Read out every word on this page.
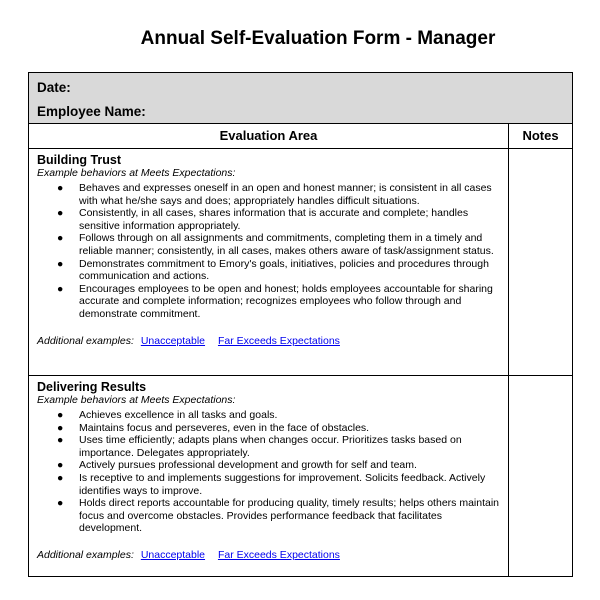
Annual Self-Evaluation Form - Manager
Date:
Employee Name:
Evaluation Area	Notes
Building Trust
Example behaviors at Meets Expectations:
● Behaves and expresses oneself in an open and honest manner; is consistent in all cases with what he/she says and does; appropriately handles difficult situations.
● Consistently, in all cases, shares information that is accurate and complete; handles sensitive information appropriately.
● Follows through on all assignments and commitments, completing them in a timely and reliable manner; consistently, in all cases, makes others aware of task/assignment status.
● Demonstrates commitment to Emory's goals, initiatives, policies and procedures through communication and actions.
● Encourages employees to be open and honest; holds employees accountable for sharing accurate and complete information; recognizes employees who follow through and demonstrate commitment.
Additional examples: Unacceptable Far Exceeds Expectations
Delivering Results
Example behaviors at Meets Expectations:
● Achieves excellence in all tasks and goals.
● Maintains focus and perseveres, even in the face of obstacles.
● Uses time efficiently; adapts plans when changes occur. Prioritizes tasks based on importance. Delegates appropriately.
● Actively pursues professional development and growth for self and team.
● Is receptive to and implements suggestions for improvement. Solicits feedback. Actively identifies ways to improve.
● Holds direct reports accountable for producing quality, timely results; helps others maintain focus and overcome obstacles. Provides performance feedback that facilitates development.
Additional examples: Unacceptable Far Exceeds Expectations
